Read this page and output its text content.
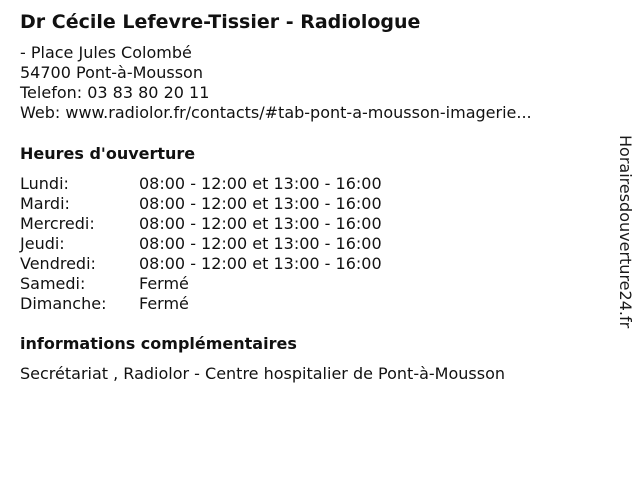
Dr Cécile Lefevre-Tissier - Radiologue
- Place Jules Colombé
54700 Pont-à-Mousson
Telefon: 03 83 80 20 11
Web: www.radiolor.fr/contacts/#tab-pont-a-mousson-imagerie...
Heures d'ouverture
Lundi:	08:00 - 12:00 et 13:00 - 16:00
Mardi:	08:00 - 12:00 et 13:00 - 16:00
Mercredi:	08:00 - 12:00 et 13:00 - 16:00
Jeudi:	08:00 - 12:00 et 13:00 - 16:00
Vendredi:	08:00 - 12:00 et 13:00 - 16:00
Samedi:	Fermé
Dimanche:	Fermé
informations complémentaires
Secrétariat , Radiolor - Centre hospitalier de Pont-à-Mousson
Horairesdouverture24.fr
